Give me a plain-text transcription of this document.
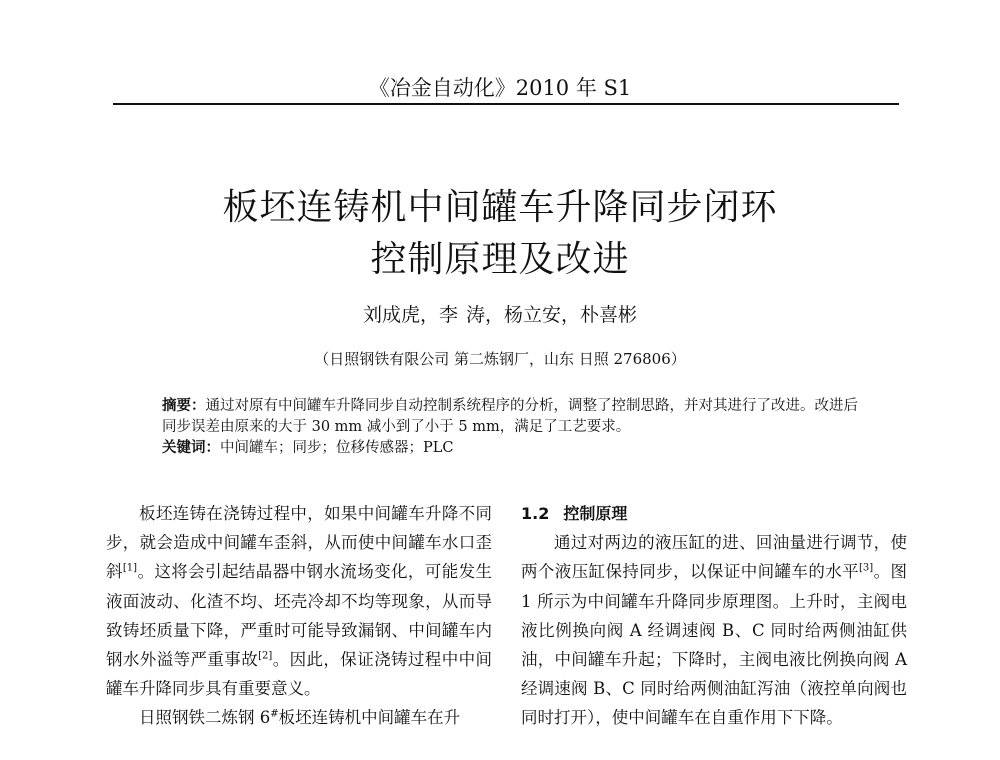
《冶金自动化》2010 年 S1
板坯连铸机中间罐车升降同步闭环
控制原理及改进
刘成虎，李 涛，杨立安，朴喜彬
（日照钢铁有限公司 第二炼钢厂，山东 日照 276806）

摘要：通过对原有中间罐车升降同步自动控制系统程序的分析，调整了控制思路，并对其进行了改进。改进后同步误差由原来的大于 30 mm 减小到了小于 5 mm，满足了工艺要求。

关键词：中间罐车；同步；位移传感器；PLC

板坯连铸在浇铸过程中，如果中间罐车升降不同步，就会造成中间罐车歪斜，从而使中间罐车水口歪斜[1]。这将会引起结晶器中钢水流场变化，可能发生液面波动、化渣不均、坯壳冷却不均等现象，从而导致铸坯质量下降，严重时可能导致漏钢、中间罐车内钢水外溢等严重事故[2]。因此，保证浇铸过程中中间罐车升降同步具有重要意义。

日照钢铁二炼钢 6#板坯连铸机中间罐车在升

1.2 控制原理

通过对两边的液压缸的进、回油量进行调节，使两个液压缸保持同步，以保证中间罐车的水平[3]。图 1 所示为中间罐车升降同步原理图。上升时，主阀电液比例换向阀 A 经调速阀 B、C 同时给两侧油缸供油，中间罐车升起；下降时，主阀电液比例换向阀 A 经调速阀 B、C 同时给两侧油缸泻油（液控单向阀也同时打开），使中间罐车在自重作用下下降。
